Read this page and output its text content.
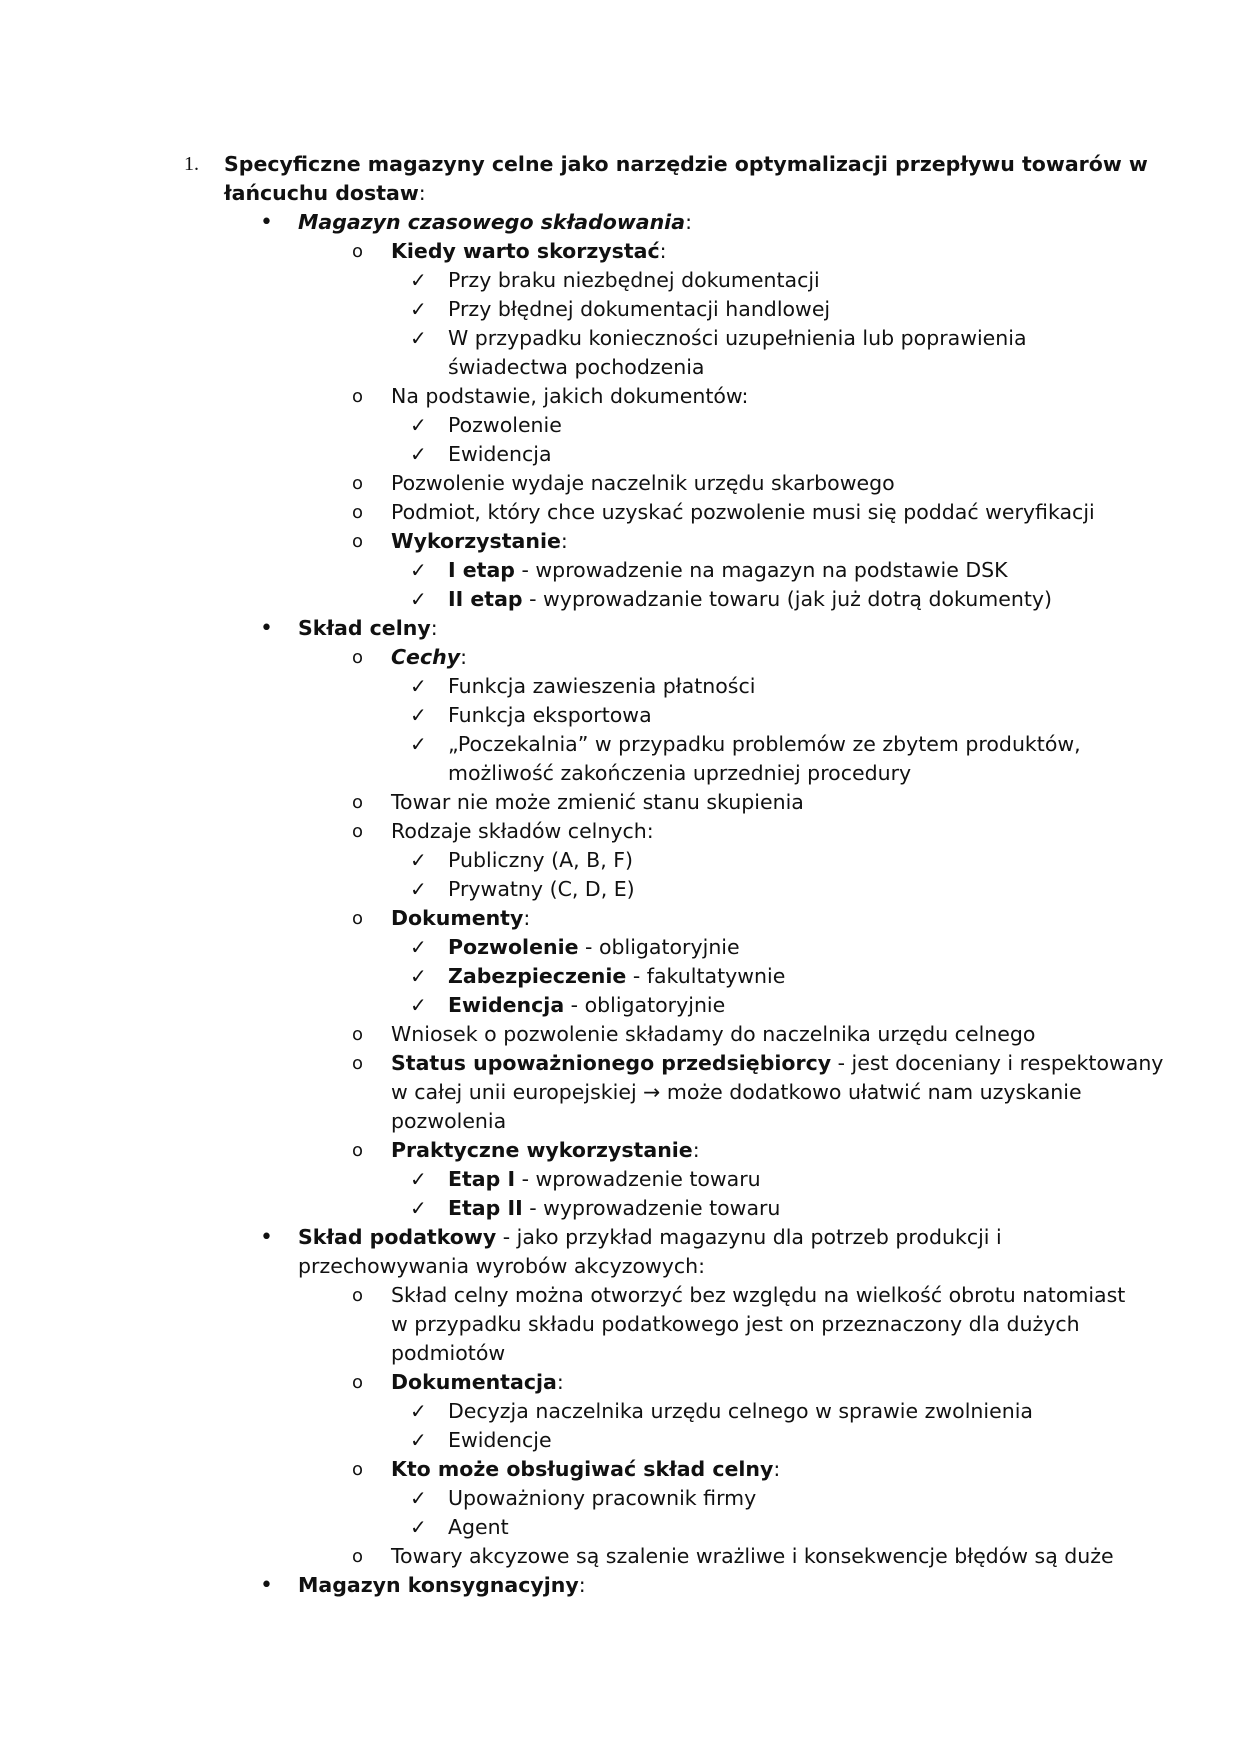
1. Specyficzne magazyny celne jako narzędzie optymalizacji przepływu towarów w
łańcuchu dostaw:
• Magazyn czasowego składowania:
o Kiedy warto skorzystać:
✓ Przy braku niezbędnej dokumentacji
✓ Przy błędnej dokumentacji handlowej
✓ W przypadku konieczności uzupełnienia lub poprawienia
świadectwa pochodzenia
o Na podstawie, jakich dokumentów:
✓ Pozwolenie
✓ Ewidencja
o Pozwolenie wydaje naczelnik urzędu skarbowego
o Podmiot, który chce uzyskać pozwolenie musi się poddać weryfikacji
o Wykorzystanie:
✓ I etap - wprowadzenie na magazyn na podstawie DSK
✓ II etap - wyprowadzanie towaru (jak już dotrą dokumenty)
• Skład celny:
o Cechy:
✓ Funkcja zawieszenia płatności
✓ Funkcja eksportowa
✓ „Poczekalnia” w przypadku problemów ze zbytem produktów,
możliwość zakończenia uprzedniej procedury
o Towar nie może zmienić stanu skupienia
o Rodzaje składów celnych:
✓ Publiczny (A, B, F)
✓ Prywatny (C, D, E)
o Dokumenty:
✓ Pozwolenie - obligatoryjnie
✓ Zabezpieczenie - fakultatywnie
✓ Ewidencja - obligatoryjnie
o Wniosek o pozwolenie składamy do naczelnika urzędu celnego
o Status upoważnionego przedsiębiorcy - jest doceniany i respektowany
w całej unii europejskiej → może dodatkowo ułatwić nam uzyskanie
pozwolenia
o Praktyczne wykorzystanie:
✓ Etap I - wprowadzenie towaru
✓ Etap II - wyprowadzenie towaru
• Skład podatkowy - jako przykład magazynu dla potrzeb produkcji i
przechowywania wyrobów akcyzowych:
o Skład celny można otworzyć bez względu na wielkość obrotu natomiast
w przypadku składu podatkowego jest on przeznaczony dla dużych
podmiotów
o Dokumentacja:
✓ Decyzja naczelnika urzędu celnego w sprawie zwolnienia
✓ Ewidencje
o Kto może obsługiwać skład celny:
✓ Upoważniony pracownik firmy
✓ Agent
o Towary akcyzowe są szalenie wrażliwe i konsekwencje błędów są duże
• Magazyn konsygnacyjny:
